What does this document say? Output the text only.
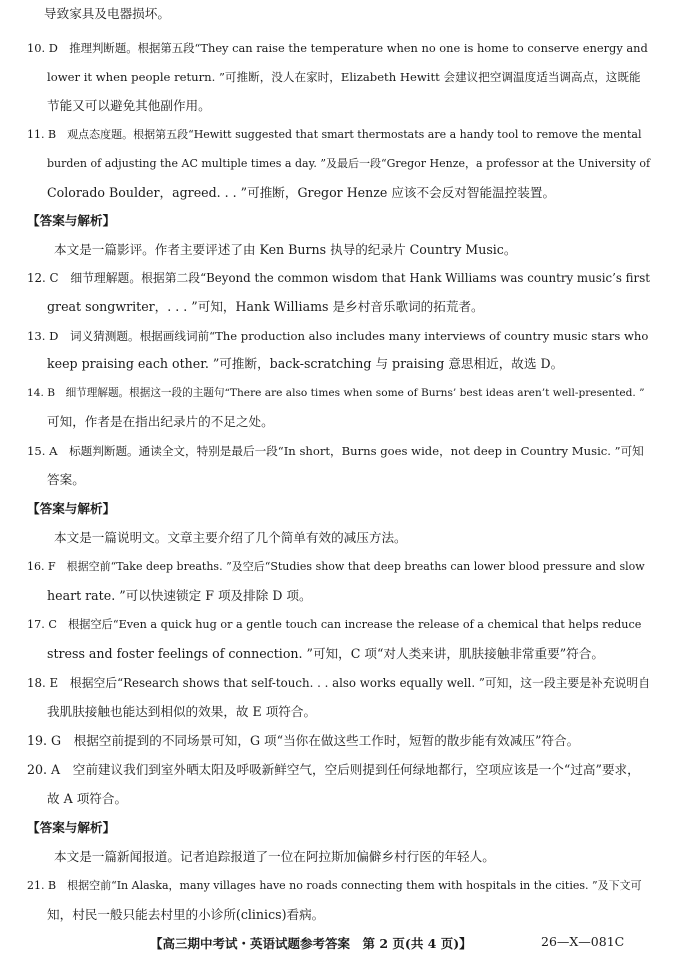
导致家具及电器损坏。
10. D　推理判断题。根据第五段“They can raise the temperature when no one is home to conserve energy and
lower it when people return. ”可推断，没人在家时，Elizabeth Hewitt 会建议把空调温度适当调高点，这既能
节能又可以避免其他副作用。
11. B　观点态度题。根据第五段“Hewitt suggested that smart thermostats are a handy tool to remove the mental
burden of adjusting the AC multiple times a day. ”及最后一段“Gregor Henze，a professor at the University of
Colorado Boulder，agreed. . . ”可推断，Gregor Henze 应该不会反对智能温控装置。
【答案与解析】
本文是一篇影评。作者主要评述了由 Ken Burns 执导的纪录片 Country Music。
12. C　细节理解题。根据第二段“Beyond the common wisdom that Hank Williams was country music’s first
great songwriter，. . . ”可知，Hank Williams 是乡村音乐歌词的拓荒者。
13. D　词义猜测题。根据画线词前“The production also includes many interviews of country music stars who
keep praising each other. ”可推断，back-scratching 与 praising 意思相近，故选 D。
14. B　细节理解题。根据这一段的主题句“There are also times when some of Burns’ best ideas aren’t well-presented. ”
可知，作者是在指出纪录片的不足之处。
15. A　标题判断题。通读全文，特别是最后一段“In short，Burns goes wide，not deep in Country Music. ”可知
答案。
【答案与解析】
本文是一篇说明文。文章主要介绍了几个简单有效的减压方法。
16. F　根据空前“Take deep breaths. ”及空后“Studies show that deep breaths can lower blood pressure and slow
heart rate. ”可以快速锁定 F 项及排除 D 项。
17. C　根据空后“Even a quick hug or a gentle touch can increase the release of a chemical that helps reduce
stress and foster feelings of connection. ”可知，C 项“对人类来讲，肌肤接触非常重要”符合。
18. E　根据空后“Research shows that self-touch. . . also works equally well. ”可知，这一段主要是补充说明自
我肌肤接触也能达到相似的效果，故 E 项符合。
19. G　根据空前提到的不同场景可知，G 项“当你在做这些工作时，短暂的散步能有效减压”符合。
20. A　空前建议我们到室外晒太阳及呼吸新鲜空气，空后则提到任何绿地都行，空项应该是一个“过高”要求，
故 A 项符合。
【答案与解析】
本文是一篇新闻报道。记者追踪报道了一位在阿拉斯加偏僻乡村行医的年轻人。
21. B　根据空前“In Alaska，many villages have no roads connecting them with hospitals in the cities. ”及下文可
知，村民一般只能去村里的小诊所(clinics)看病。
【高三期中考试・英语试题参考答案　第 2 页(共 4 页)】	26—X—081C
